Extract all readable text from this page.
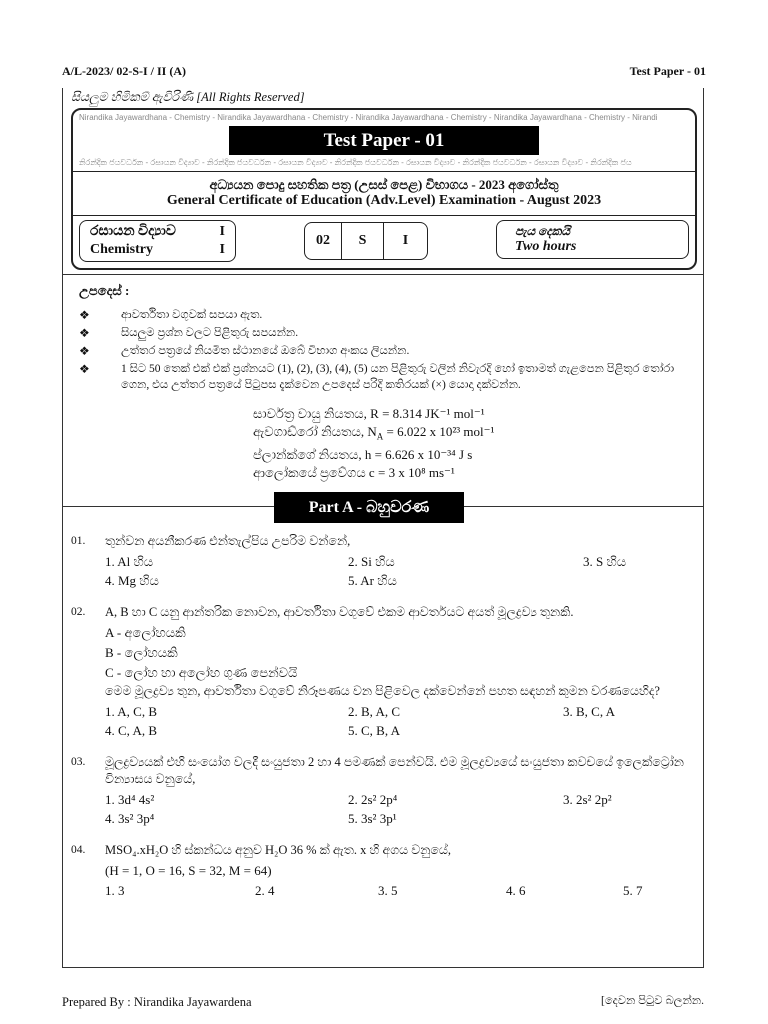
A/L-2023/ 02-S-I / II (A)	Test Paper - 01
සියලුම හිමිකම් ඇවිරිණි [All Rights Reserved]
Nirandika Jayawardhana - Chemistry - Nirandika Jayawardhana - Chemistry - Nirandika Jayawardhana - Chemistry - Nirandika Jayawardhana - Chemistry - Nirandi
Test Paper - 01
නිරන්දික ජයවර්ධන - රසායන විද්‍යාව - නිරන්දික ජයවර්ධන - රසායන විද්‍යාව - නිරන්දික ජයවර්ධන - රසායන විද්‍යාව - නිරන්දික ජයවර්ධන - රසායන විද්‍යාව - නිරන්දික ජය
අධ්‍යයන පොදු සහතික පත්‍ර (උසස් පෙළ) විභාගය - 2023 අගෝස්තු
General Certificate of Education (Adv.Level) Examination - August 2023
රසායන විද්‍යාව	I
Chemistry	I
02	S	I
පැය දෙකයි
Two hours
උපදෙස් :
❖	ආවර්තිතා වගුවක් සපයා ඇත.
❖	සියලුම ප්‍රශ්න වලට පිළිතුරු සපයන්න.
❖	උත්තර පත්‍රයේ නියමිත ස්ථානයේ ඔබේ විභාග අංකය ලියන්න.
❖	1 සිට 50 තෙක් එක් එක් ප්‍රශ්නයට (1), (2), (3), (4), (5) යන පිළිතුරු වලින් නිවැරදි හෝ ඉතාමත් ගැළපෙන පිළිතුර තෝරා ගෙන, එය උත්තර පත්‍රයේ පිටුපස දැක්වෙන උපදෙස් පරිදි කතිරයක් (×) යොදා දක්වන්න.
සාර්වත්‍ර වායු නියතය, R = 8.314 JK⁻¹ mol⁻¹
ඇවගාඩ්රෝ නියතය, $N_A = 6.022$ x 10²³ mol⁻¹
ප්ලාන්ක්ගේ නියතය, h = 6.626 x 10⁻³⁴ J s
ආලෝකයේ ප්‍රවේගය c = 3 x 10⁸ ms⁻¹
Part A - බහුවරණ
01.	තුන්වන අයනීකරණ එන්තැල්පිය උපරිම වන්නේ,
1. Al හිය	2. Si හිය	3. S හිය
4. Mg හිය	5. Ar හිය
02.	A, B හා C යනු ආන්තරික නොවන, ආවර්තිතා වගුවේ එකම ආවර්තයට අයත් මූලද්‍රව්‍ය තුනකි.
A - අලෝහයකි
B - ලෝහයකි
C - ලෝහ හා අලෝහ ගුණ පෙන්වයි
මෙම මූලද්‍රව්‍ය තුන, ආවර්තිතා වගුවේ නිරූපණය වන පිළිවෙල දක්වෙන්නේ පහත සඳහන් කුමන වරණයෙහිද?
1. A, C, B	2. B, A, C	3. B, C, A
4. C, A, B	5. C, B, A
03.	මූලද්‍රව්‍යයක් එහි සංයෝග වලදී සංයුජතා 2 හා 4 පමණක් පෙන්වයි. එම මූලද්‍රව්‍යයේ සංයුජතා කවචයේ ඉලෙක්ට්‍රෝන වින්‍යාසය වනුයේ,
1. 3d⁴ 4s²	2. 2s² 2p⁴	3. 2s² 2p²
4. 3s² 3p⁴	5. 3s² 3p¹
04.	MSO₄.xH₂O හි ස්කන්ධය අනුව H₂O 36 % ක් ඇත. x හි අගය වනුයේ,
(H = 1, O = 16, S = 32, M = 64)
1. 3	2. 4	3. 5	4. 6	5. 7
Prepared By : Nirandika Jayawardena	[දෙවන පිටුව බලන්න.
